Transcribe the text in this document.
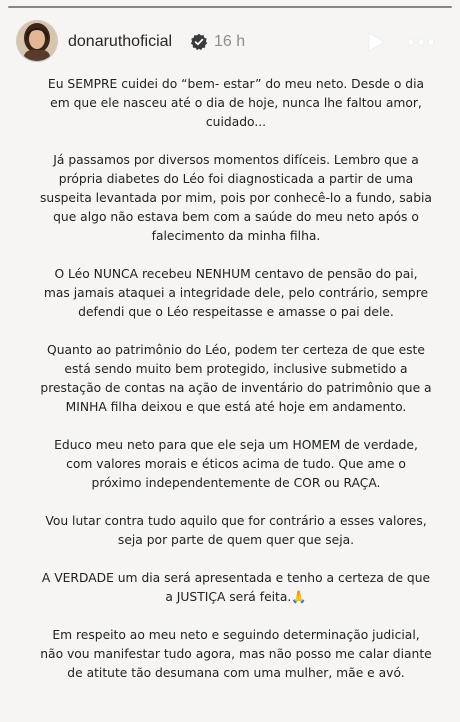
donaruthoficial	16 h

Eu SEMPRE cuidei do “bem- estar” do meu neto. Desde o dia em que ele nasceu até o dia de hoje, nunca lhe faltou amor, cuidado...

Já passamos por diversos momentos difíceis. Lembro que a própria diabetes do Léo foi diagnosticada a partir de uma suspeita levantada por mim, pois por conhecê-lo a fundo, sabia que algo não estava bem com a saúde do meu neto após o falecimento da minha filha.

O Léo NUNCA recebeu NENHUM centavo de pensão do pai, mas jamais ataquei a integridade dele, pelo contrário, sempre defendi que o Léo respeitasse e amasse o pai dele.

Quanto ao patrimônio do Léo, podem ter certeza de que este está sendo muito bem protegido, inclusive submetido a prestação de contas na ação de inventário do patrimônio que a MINHA filha deixou e que está até hoje em andamento.

Educo meu neto para que ele seja um HOMEM de verdade, com valores morais e éticos acima de tudo. Que ame o próximo independentemente de COR ou RAÇA.

Vou lutar contra tudo aquilo que for contrário a esses valores, seja por parte de quem quer que seja.

A VERDADE um dia será apresentada e tenho a certeza de que a JUSTIÇA será feita.🙏

Em respeito ao meu neto e seguindo determinação judicial, não vou manifestar tudo agora, mas não posso me calar diante de atitute tão desumana com uma mulher, mãe e avó.
